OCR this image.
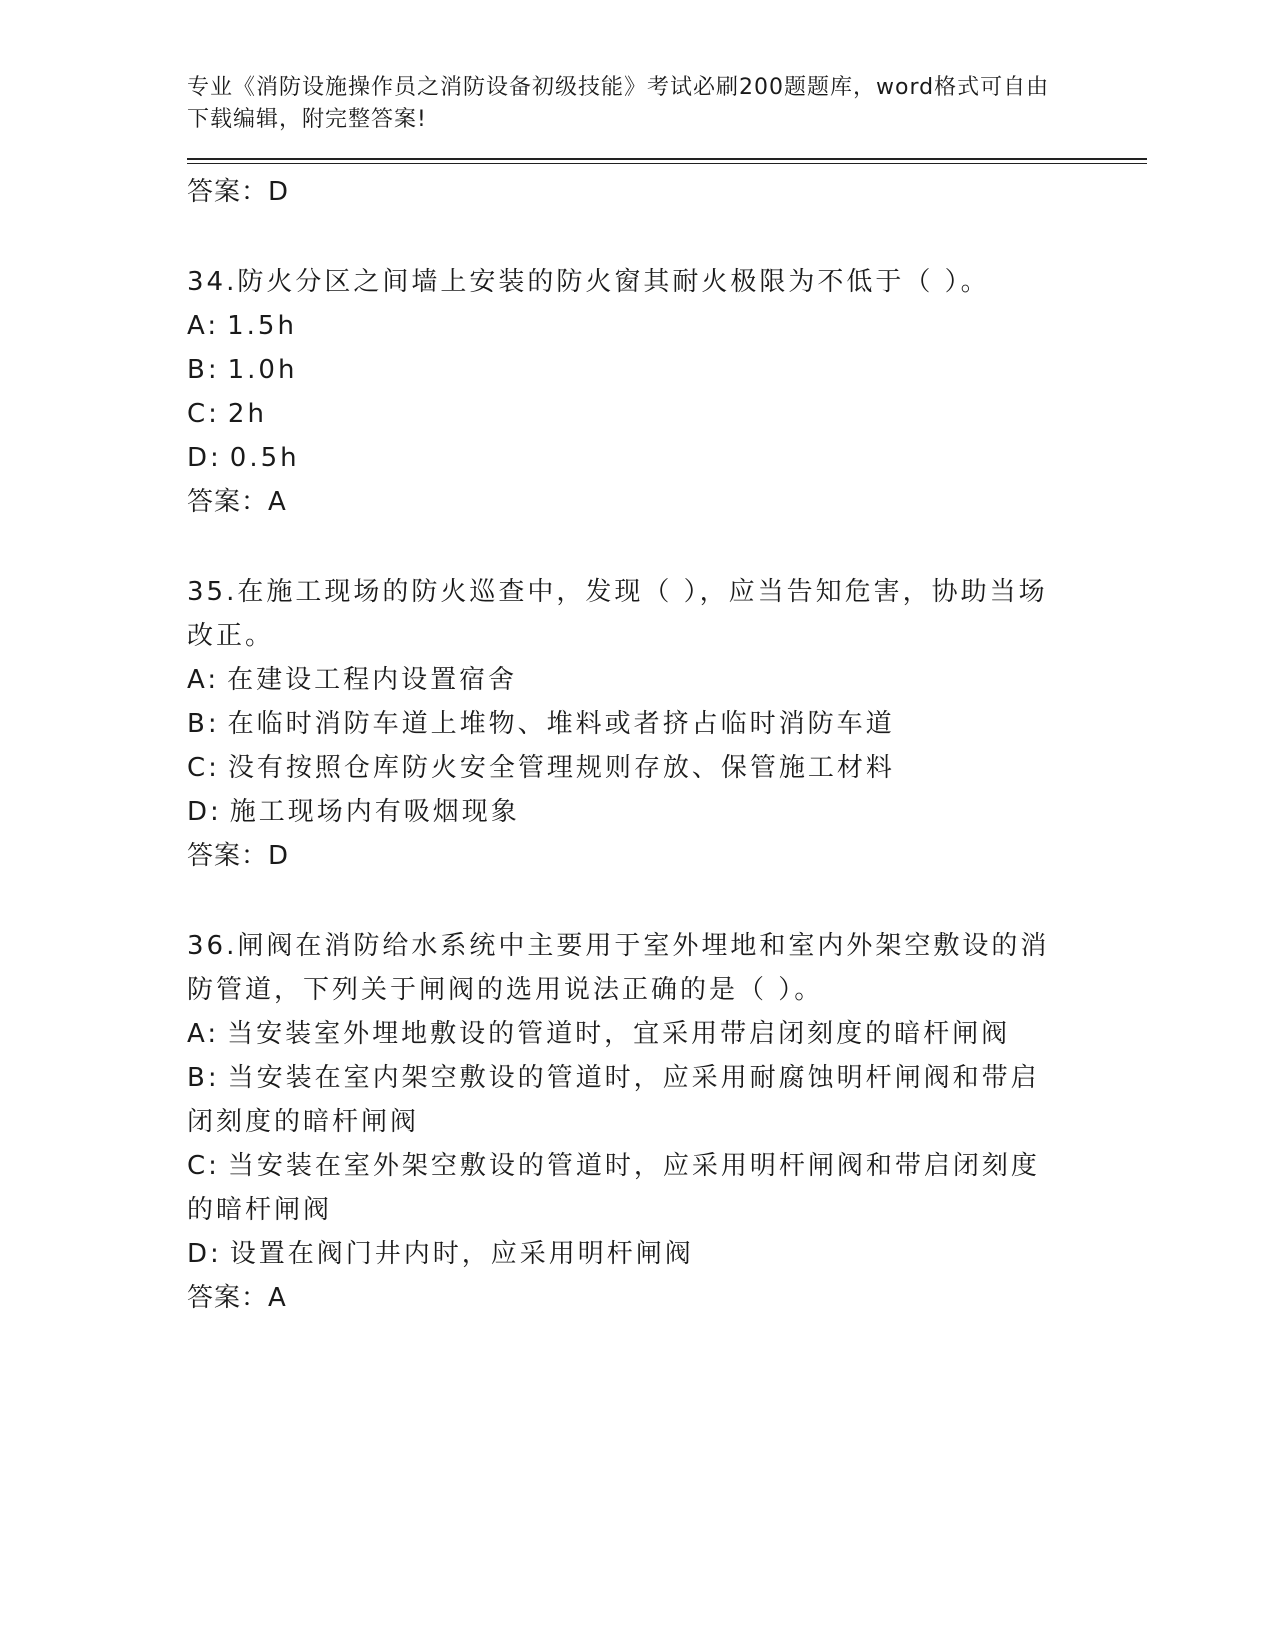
专业《消防设施操作员之消防设备初级技能》考试必刷200题题库，word格式可自由下载编辑，附完整答案!

答案：D

34.防火分区之间墙上安装的防火窗其耐火极限为不低于（ ）。

A: 1.5h

B: 1.0h

C: 2h

D: 0.5h

答案：A

35.在施工现场的防火巡查中，发现（ ），应当告知危害，协助当场改正。

A: 在建设工程内设置宿舍

B: 在临时消防车道上堆物、堆料或者挤占临时消防车道

C: 没有按照仓库防火安全管理规则存放、保管施工材料

D: 施工现场内有吸烟现象

答案：D

36.闸阀在消防给水系统中主要用于室外埋地和室内外架空敷设的消防管道，下列关于闸阀的选用说法正确的是（ ）。

A: 当安装室外埋地敷设的管道时，宜采用带启闭刻度的暗杆闸阀

B: 当安装在室内架空敷设的管道时，应采用耐腐蚀明杆闸阀和带启闭刻度的暗杆闸阀

C: 当安装在室外架空敷设的管道时，应采用明杆闸阀和带启闭刻度的暗杆闸阀

D: 设置在阀门井内时，应采用明杆闸阀

答案：A
